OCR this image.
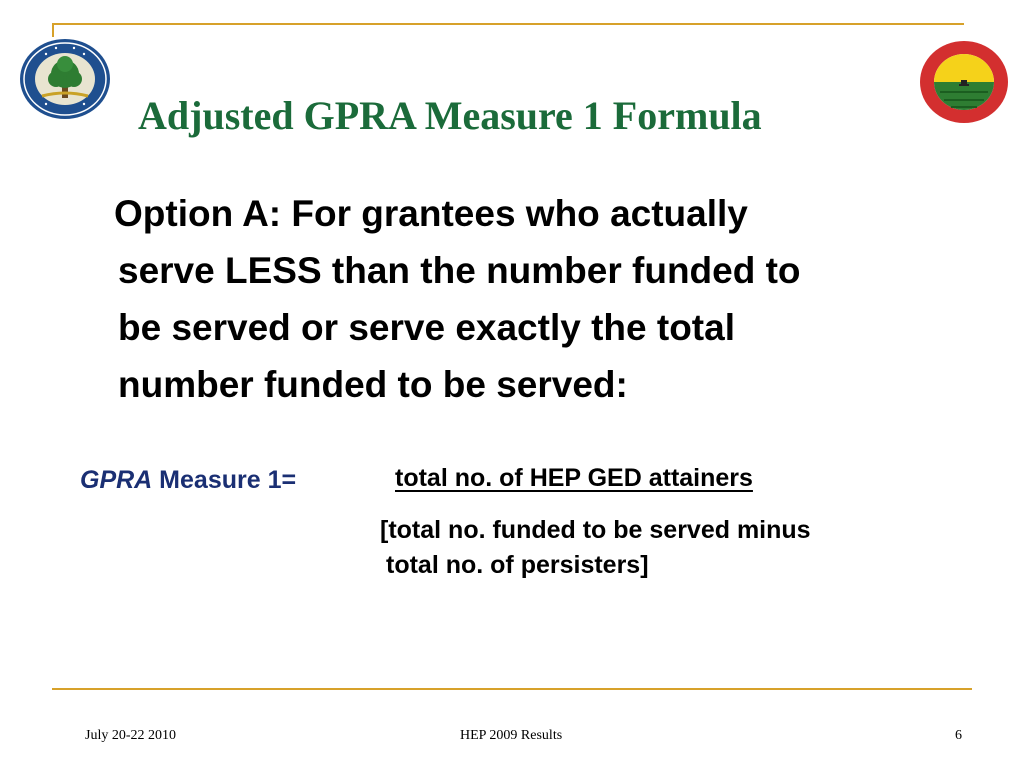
Adjusted GPRA Measure 1 Formula

Option A: For grantees who actually
serve LESS than the number funded to
be served or serve exactly the total
number funded to be served:

GPRA Measure 1=	total no. of HEP GED attainers
[total no. funded to be served minus
total no. of persisters]
July 20-22 2010	HEP 2009 Results	6
